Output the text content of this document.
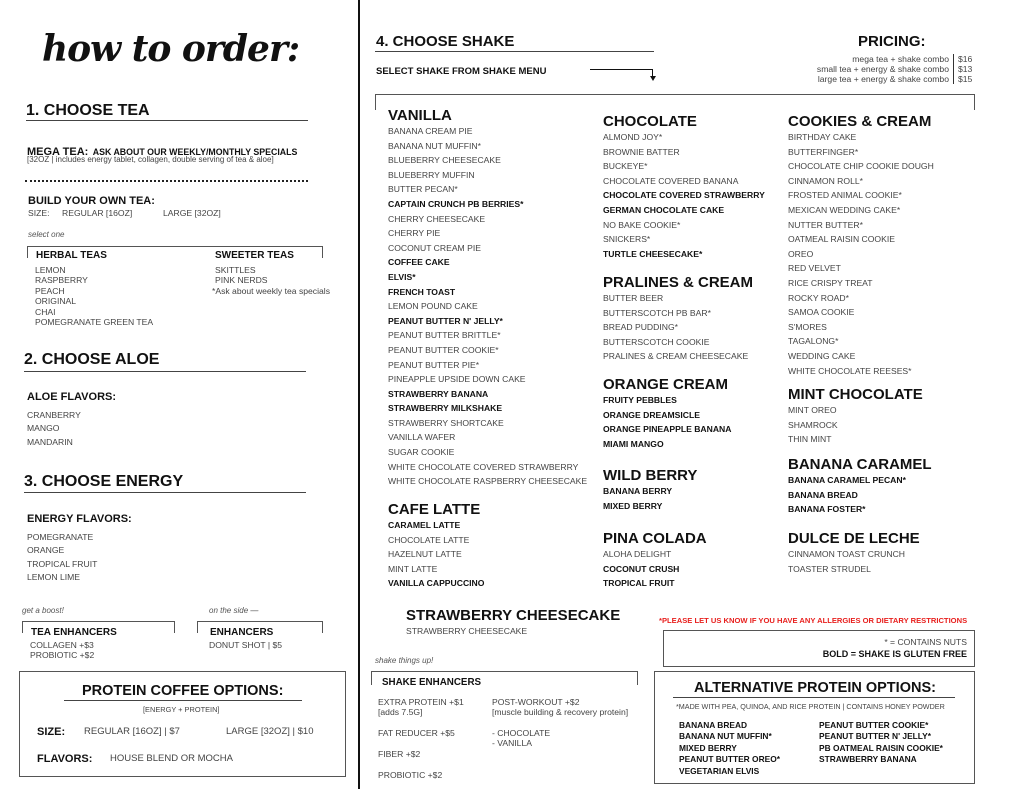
how to order:
1. CHOOSE TEA
MEGA TEA: ASK ABOUT OUR WEEKLY/MONTHLY SPECIALS
[32OZ | includes energy tablet, collagen, double serving of tea & aloe]
BUILD YOUR OWN TEA:
SIZE: REGULAR [16OZ]	LARGE [32OZ]
select one
HERBAL TEAS
LEMON
RASPBERRY
PEACH
ORIGINAL
CHAI
POMEGRANATE GREEN TEA
SWEETER TEAS
SKITTLES
PINK NERDS
*Ask about weekly tea specials
2. CHOOSE ALOE
ALOE FLAVORS:
CRANBERRY
MANGO
MANDARIN
3. CHOOSE ENERGY
ENERGY FLAVORS:
POMEGRANATE
ORANGE
TROPICAL FRUIT
LEMON LIME
get a boost!
TEA ENHANCERS
COLLAGEN +$3
PROBIOTIC +$2
on the side —
ENHANCERS
DONUT SHOT | $5
PROTEIN COFFEE OPTIONS:
[ENERGY + PROTEIN]
SIZE: REGULAR [16OZ] | $7	LARGE [32OZ] | $10
FLAVORS: HOUSE BLEND OR MOCHA
4. CHOOSE SHAKE
SELECT SHAKE FROM SHAKE MENU
PRICING:
mega tea + shake combo	$16
small tea + energy & shake combo	$13
large tea + energy & shake combo	$15
VANILLA
BANANA CREAM PIE
BANANA NUT MUFFIN*
BLUEBERRY CHEESECAKE
BLUEBERRY MUFFIN
BUTTER PECAN*
CAPTAIN CRUNCH PB BERRIES*
CHERRY CHEESECAKE
CHERRY PIE
COCONUT CREAM PIE
COFFEE CAKE
ELVIS*
FRENCH TOAST
LEMON POUND CAKE
PEANUT BUTTER N' JELLY*
PEANUT BUTTER BRITTLE*
PEANUT BUTTER COOKIE*
PEANUT BUTTER PIE*
PINEAPPLE UPSIDE DOWN CAKE
STRAWBERRY BANANA
STRAWBERRY MILKSHAKE
STRAWBERRY SHORTCAKE
VANILLA WAFER
SUGAR COOKIE
WHITE CHOCOLATE COVERED STRAWBERRY
WHITE CHOCOLATE RASPBERRY CHEESECAKE
CAFE LATTE
CARAMEL LATTE
CHOCOLATE LATTE
HAZELNUT LATTE
MINT LATTE
VANILLA CAPPUCCINO
CHOCOLATE
ALMOND JOY*
BROWNIE BATTER
BUCKEYE*
CHOCOLATE COVERED BANANA
CHOCOLATE COVERED STRAWBERRY
GERMAN CHOCOLATE CAKE
NO BAKE COOKIE*
SNICKERS*
TURTLE CHEESECAKE*
PRALINES & CREAM
BUTTER BEER
BUTTERSCOTCH PB BAR*
BREAD PUDDING*
BUTTERSCOTCH COOKIE
PRALINES & CREAM CHEESECAKE
ORANGE CREAM
FRUITY PEBBLES
ORANGE DREAMSICLE
ORANGE PINEAPPLE BANANA
MIAMI MANGO
WILD BERRY
BANANA BERRY
MIXED BERRY
PINA COLADA
ALOHA DELIGHT
COCONUT CRUSH
TROPICAL FRUIT
COOKIES & CREAM
BIRTHDAY CAKE
BUTTERFINGER*
CHOCOLATE CHIP COOKIE DOUGH
CINNAMON ROLL*
FROSTED ANIMAL COOKIE*
MEXICAN WEDDING CAKE*
NUTTER BUTTER*
OATMEAL RAISIN COOKIE
OREO
RED VELVET
RICE CRISPY TREAT
ROCKY ROAD*
SAMOA COOKIE
S'MORES
TAGALONG*
WEDDING CAKE
WHITE CHOCOLATE REESES*
MINT CHOCOLATE
MINT OREO
SHAMROCK
THIN MINT
BANANA CARAMEL
BANANA CARAMEL PECAN*
BANANA BREAD
BANANA FOSTER*
DULCE DE LECHE
CINNAMON TOAST CRUNCH
TOASTER STRUDEL
STRAWBERRY CHEESECAKE
STRAWBERRY CHEESECAKE
*PLEASE LET US KNOW IF YOU HAVE ANY ALLERGIES OR DIETARY RESTRICTIONS
* = CONTAINS NUTS
BOLD = SHAKE IS GLUTEN FREE
shake things up!
SHAKE ENHANCERS
EXTRA PROTEIN +$1
[adds 7.5G]
FAT REDUCER +$5
FIBER +$2
PROBIOTIC +$2
POST-WORKOUT +$2
[muscle building & recovery protein]
- CHOCOLATE
- VANILLA
ALTERNATIVE PROTEIN OPTIONS:
*MADE WITH PEA, QUINOA, AND RICE PROTEIN | CONTAINS HONEY POWDER
BANANA BREAD
BANANA NUT MUFFIN*
MIXED BERRY
PEANUT BUTTER OREO*
VEGETARIAN ELVIS
PEANUT BUTTER COOKIE*
PEANUT BUTTER N' JELLY*
PB OATMEAL RAISIN COOKIE*
STRAWBERRY BANANA
